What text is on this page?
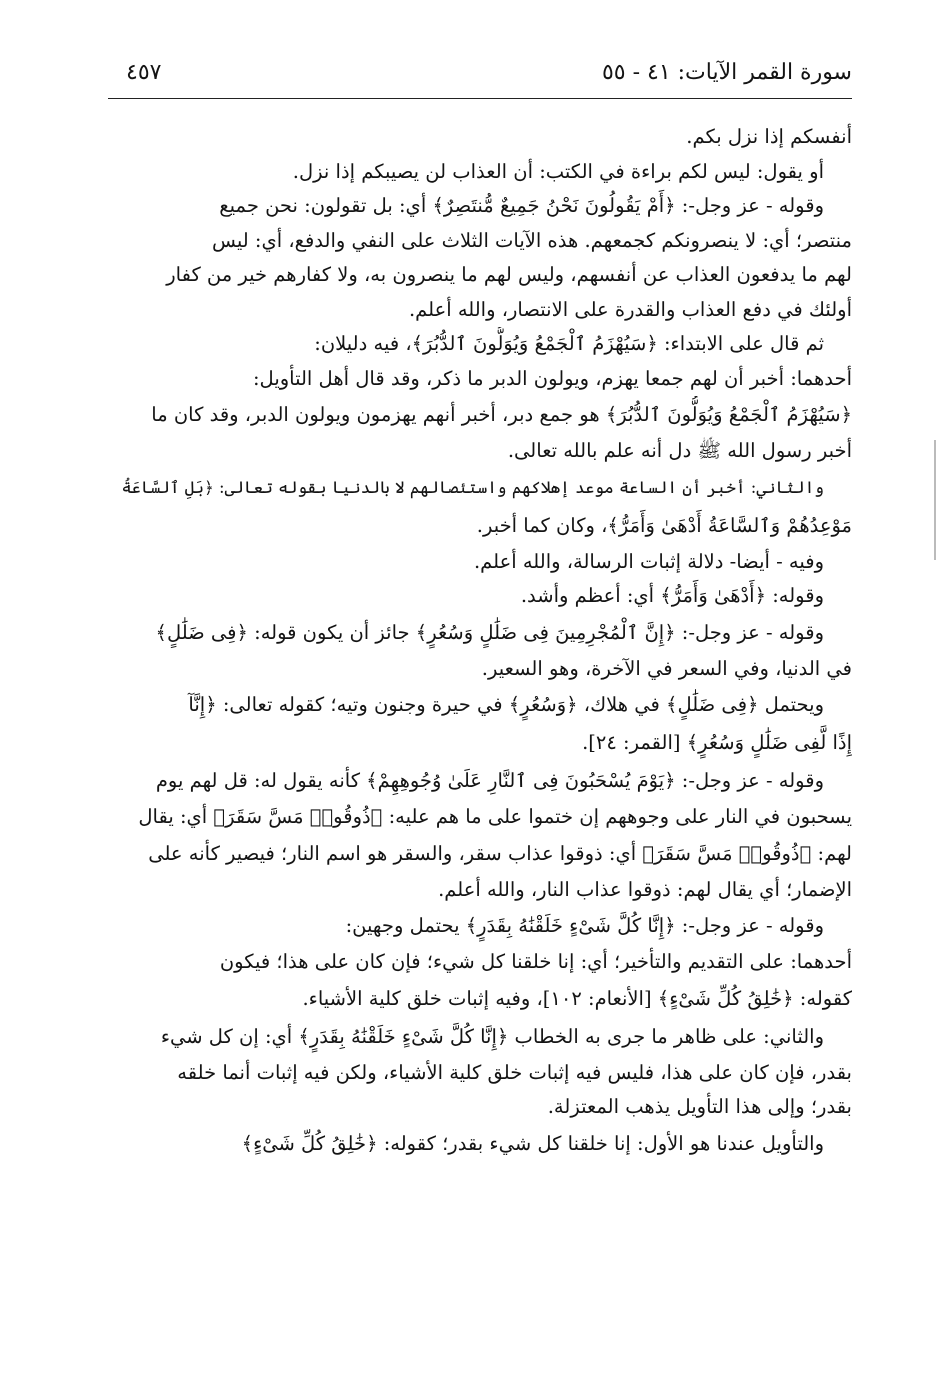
سورة القمر الآيات: ٤١ - ٥٥
٤٥٧
أنفسكم إذا نزل بكم.
أو يقول: ليس لكم براءة في الكتب: أن العذاب لن يصيبكم إذا نزل.
وقوله - عز وجل-: ﴿أَمْ يَقُولُونَ نَحْنُ جَمِيعٌ مُّنتَصِرٌ﴾ أي: بل تقولون: نحن جميع
منتصر؛ أي: لا ينصرونكم كجمعهم. هذه الآيات الثلاث على النفي والدفع، أي: ليس
لهم ما يدفعون العذاب عن أنفسهم، وليس لهم ما ينصرون به، ولا كفارهم خير من كفار
أولئك في دفع العذاب والقدرة على الانتصار، والله أعلم.
ثم قال على الابتداء: ﴿سَيُهْزَمُ ٱلْجَمْعُ وَيُوَلُّونَ ٱلدُّبُرَ﴾، فيه دليلان:
أحدهما: أخبر أن لهم جمعا يهزم، ويولون الدبر ما ذكر، وقد قال أهل التأويل:
﴿سَيُهْزَمُ ٱلْجَمْعُ وَيُوَلُّونَ ٱلدُّبُرَ﴾ هو جمع دبر، أخبر أنهم يهزمون ويولون الدبر، وقد كان ما
أخبر رسول الله ﷺ دل أنه علم بالله تعالى.
والثاني: أخبر أن الساعة موعد إهلاكهم واستئصالهم لا بالدنيا بقوله تعالى: ﴿بَلِ ٱلسَّاعَةُ
مَوْعِدُهُمْ وَٱلسَّاعَةُ أَدْهَىٰ وَأَمَرُّ﴾، وكان كما أخبر.
وفيه - أيضا- دلالة إثبات الرسالة، والله أعلم.
وقوله: ﴿أَدْهَىٰ وَأَمَرُّ﴾ أي: أعظم وأشد.
وقوله - عز وجل-: ﴿إِنَّ ٱلْمُجْرِمِينَ فِى ضَلَٰلٍ وَسُعُرٍ﴾ جائز أن يكون قوله: ﴿فِى ضَلَٰلٍ﴾
في الدنيا، وفي السعر في الآخرة، وهو السعير.
ويحتمل ﴿فِى ضَلَٰلٍ﴾ في هلاك، ﴿وَسُعُرٍ﴾ في حيرة وجنون وتيه؛ كقوله تعالى: ﴿إِنَّآ
إِذًا لَّفِى ضَلَٰلٍ وَسُعُرٍ﴾ [القمر: ٢٤].
وقوله - عز وجل-: ﴿يَوْمَ يُسْحَبُونَ فِى ٱلنَّارِ عَلَىٰ وُجُوهِهِمْ﴾ كأنه يقول له: قل لهم يوم
يسحبون في النار على وجوههم إن ختموا على ما هم عليه: ﴿ذُوقُوا۟ مَسَّ سَقَرَ﴾ أي: يقال
لهم: ﴿ذُوقُوا۟ مَسَّ سَقَرَ﴾ أي: ذوقوا عذاب سقر، والسقر هو اسم النار؛ فيصير كأنه على
الإضمار؛ أي يقال لهم: ذوقوا عذاب النار، والله أعلم.
وقوله - عز وجل-: ﴿إِنَّا كُلَّ شَىْءٍ خَلَقْنَٰهُ بِقَدَرٍ﴾ يحتمل وجهين:
أحدهما: على التقديم والتأخير؛ أي: إنا خلقنا كل شيء؛ فإن كان على هذا؛ فيكون
كقوله: ﴿خَٰلِقُ كُلِّ شَىْءٍ﴾ [الأنعام: ١٠٢]، وفيه إثبات خلق كلية الأشياء.
والثاني: على ظاهر ما جرى به الخطاب ﴿إِنَّا كُلَّ شَىْءٍ خَلَقْنَٰهُ بِقَدَرٍ﴾ أي: إن كل شيء
بقدر، فإن كان على هذا، فليس فيه إثبات خلق كلية الأشياء، ولكن فيه إثبات أنما خلقه
بقدر؛ وإلى هذا التأويل يذهب المعتزلة.
والتأويل عندنا هو الأول: إنا خلقنا كل شيء بقدر؛ كقوله: ﴿خَٰلِقُ كُلِّ شَىْءٍ﴾
